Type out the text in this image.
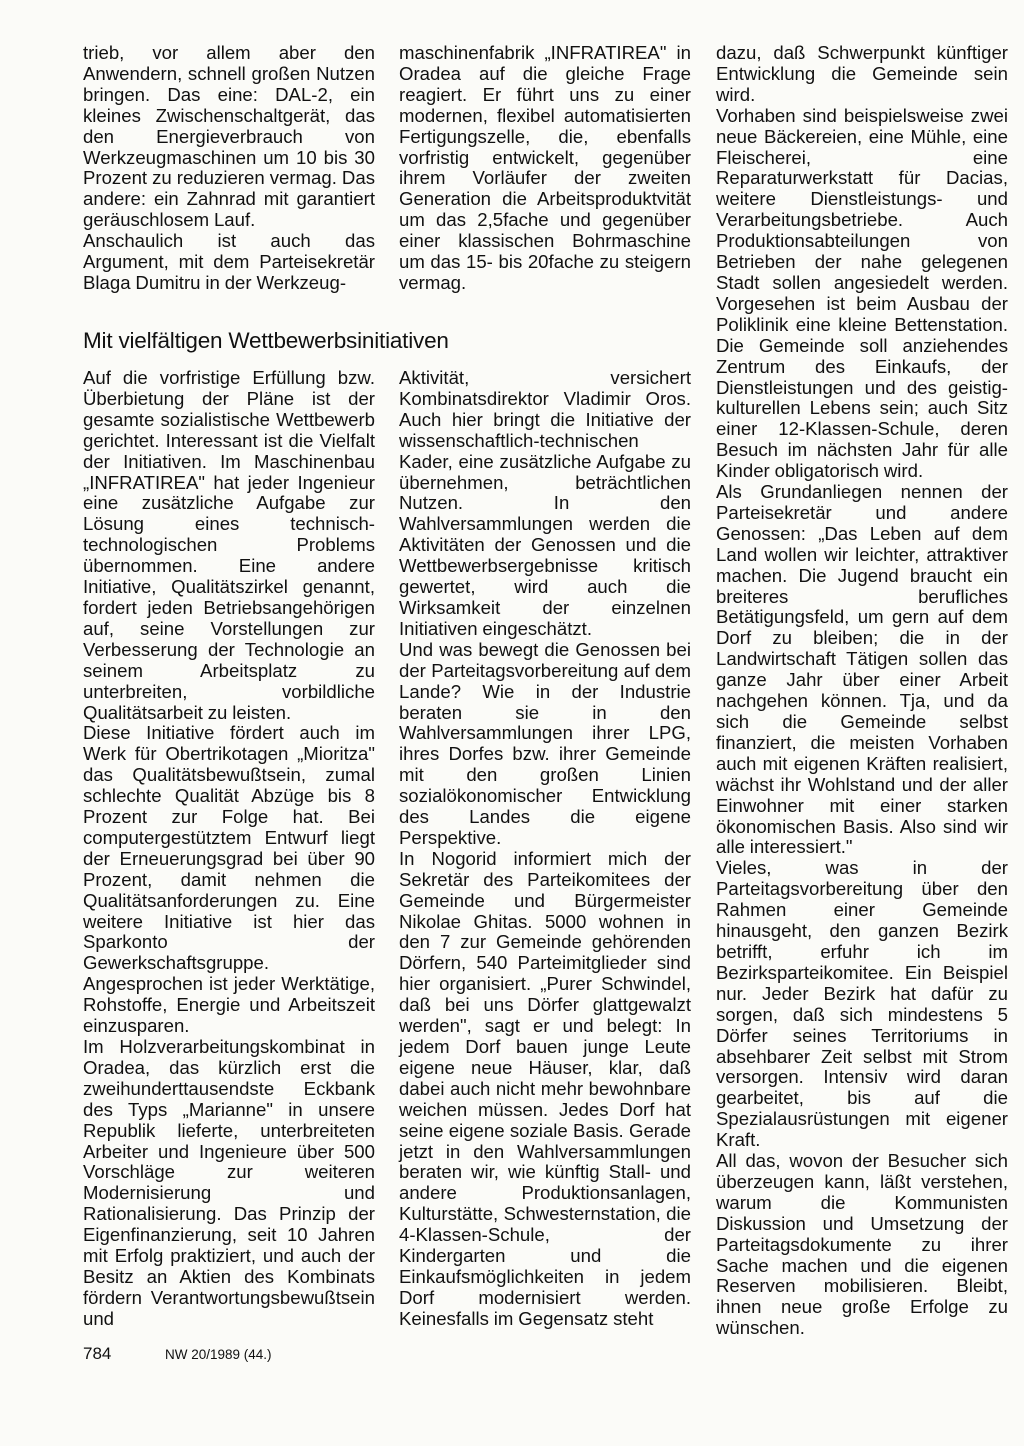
trieb, vor allem aber den Anwendern, schnell großen Nutzen bringen. Das eine: DAL-2, ein kleines Zwischenschaltgerät, das den Energieverbrauch von Werkzeugmaschinen um 10 bis 30 Prozent zu reduzieren vermag. Das andere: ein Zahnrad mit garantiert geräuschlosem Lauf.

Anschaulich ist auch das Argument, mit dem Parteisekretär Blaga Dumitru in der Werkzeug-

maschinenfabrik „INFRATIREA" in Oradea auf die gleiche Frage reagiert. Er führt uns zu einer modernen, flexibel automatisierten Fertigungszelle, die, ebenfalls vorfristig entwickelt, gegenüber ihrem Vorläufer der zweiten Generation die Arbeitsproduktvität um das 2,5fache und gegenüber einer klassischen Bohrmaschine um das 15- bis 20fache zu steigern vermag.

Mit vielfältigen Wettbewerbsinitiativen

Auf die vorfristige Erfüllung bzw. Überbietung der Pläne ist der gesamte sozialistische Wettbewerb gerichtet. Interessant ist die Vielfalt der Initiativen. Im Maschinenbau „INFRATIREA" hat jeder Ingenieur eine zusätzliche Aufgabe zur Lösung eines technisch-technologischen Problems übernommen. Eine andere Initiative, Qualitätszirkel genannt, fordert jeden Betriebsangehörigen auf, seine Vorstellungen zur Verbesserung der Technologie an seinem Arbeitsplatz zu unterbreiten, vorbildliche Qualitätsarbeit zu leisten.

Diese Initiative fördert auch im Werk für Obertrikotagen „Mioritza" das Qualitätsbewußtsein, zumal schlechte Qualität Abzüge bis 8 Prozent zur Folge hat. Bei computergestütztem Entwurf liegt der Erneuerungsgrad bei über 90 Prozent, damit nehmen die Qualitätsanforderungen zu. Eine weitere Initiative ist hier das Sparkonto der Gewerkschaftsgruppe. Angesprochen ist jeder Werktätige, Rohstoffe, Energie und Arbeitszeit einzusparen.

Im Holzverarbeitungskombinat in Oradea, das kürzlich erst die zweihunderttausendste Eckbank des Typs „Marianne" in unsere Republik lieferte, unterbreiteten Arbeiter und Ingenieure über 500 Vorschläge zur weiteren Modernisierung und Rationalisierung. Das Prinzip der Eigenfinanzierung, seit 10 Jahren mit Erfolg praktiziert, und auch der Besitz an Aktien des Kombinats fördern Verantwortungsbewußtsein und

Aktivität, versichert Kombinatsdirektor Vladimir Oros. Auch hier bringt die Initiative der wissenschaftlich-technischen Kader, eine zusätzliche Aufgabe zu übernehmen, beträchtlichen Nutzen. In den Wahlversammlungen werden die Aktivitäten der Genossen und die Wettbewerbsergebnisse kritisch gewertet, wird auch die Wirksamkeit der einzelnen Initiativen eingeschätzt.

Und was bewegt die Genossen bei der Parteitagsvorbereitung auf dem Lande? Wie in der Industrie beraten sie in den Wahlversammlungen ihrer LPG, ihres Dorfes bzw. ihrer Gemeinde mit den großen Linien sozialökonomischer Entwicklung des Landes die eigene Perspektive.

In Nogorid informiert mich der Sekretär des Parteikomitees der Gemeinde und Bürgermeister Nikolae Ghitas. 5000 wohnen in den 7 zur Gemeinde gehörenden Dörfern, 540 Parteimitglieder sind hier organisiert. „Purer Schwindel, daß bei uns Dörfer glattgewalzt werden", sagt er und belegt: In jedem Dorf bauen junge Leute eigene neue Häuser, klar, daß dabei auch nicht mehr bewohnbare weichen müssen. Jedes Dorf hat seine eigene soziale Basis. Gerade jetzt in den Wahlversammlungen beraten wir, wie künftig Stall- und andere Produktionsanlagen, Kulturstätte, Schwesternstation, die 4-Klassen-Schule, der Kindergarten und die Einkaufsmöglichkeiten in jedem Dorf modernisiert werden. Keinesfalls im Gegensatz steht

dazu, daß Schwerpunkt künftiger Entwicklung die Gemeinde sein wird.

Vorhaben sind beispielsweise zwei neue Bäckereien, eine Mühle, eine Fleischerei, eine Reparaturwerkstatt für Dacias, weitere Dienstleistungs- und Verarbeitungsbetriebe. Auch Produktionsabteilungen von Betrieben der nahe gelegenen Stadt sollen angesiedelt werden. Vorgesehen ist beim Ausbau der Poliklinik eine kleine Bettenstation. Die Gemeinde soll anziehendes Zentrum des Einkaufs, der Dienstleistungen und des geistig-kulturellen Lebens sein; auch Sitz einer 12-Klassen-Schule, deren Besuch im nächsten Jahr für alle Kinder obligatorisch wird.

Als Grundanliegen nennen der Parteisekretär und andere Genossen: „Das Leben auf dem Land wollen wir leichter, attraktiver machen. Die Jugend braucht ein breiteres berufliches Betätigungsfeld, um gern auf dem Dorf zu bleiben; die in der Landwirtschaft Tätigen sollen das ganze Jahr über einer Arbeit nachgehen können. Tja, und da sich die Gemeinde selbst finanziert, die meisten Vorhaben auch mit eigenen Kräften realisiert, wächst ihr Wohlstand und der aller Einwohner mit einer starken ökonomischen Basis. Also sind wir alle interessiert."

Vieles, was in der Parteitagsvorbereitung über den Rahmen einer Gemeinde hinausgeht, den ganzen Bezirk betrifft, erfuhr ich im Bezirksparteikomitee. Ein Beispiel nur. Jeder Bezirk hat dafür zu sorgen, daß sich mindestens 5 Dörfer seines Territoriums in absehbarer Zeit selbst mit Strom versorgen. Intensiv wird daran gearbeitet, bis auf die Spezialausrüstungen mit eigener Kraft.

All das, wovon der Besucher sich überzeugen kann, läßt verstehen, warum die Kommunisten Diskussion und Umsetzung der Parteitagsdokumente zu ihrer Sache machen und die eigenen Reserven mobilisieren. Bleibt, ihnen neue große Erfolge zu wünschen.

784	NW 20/1989 (44.)
